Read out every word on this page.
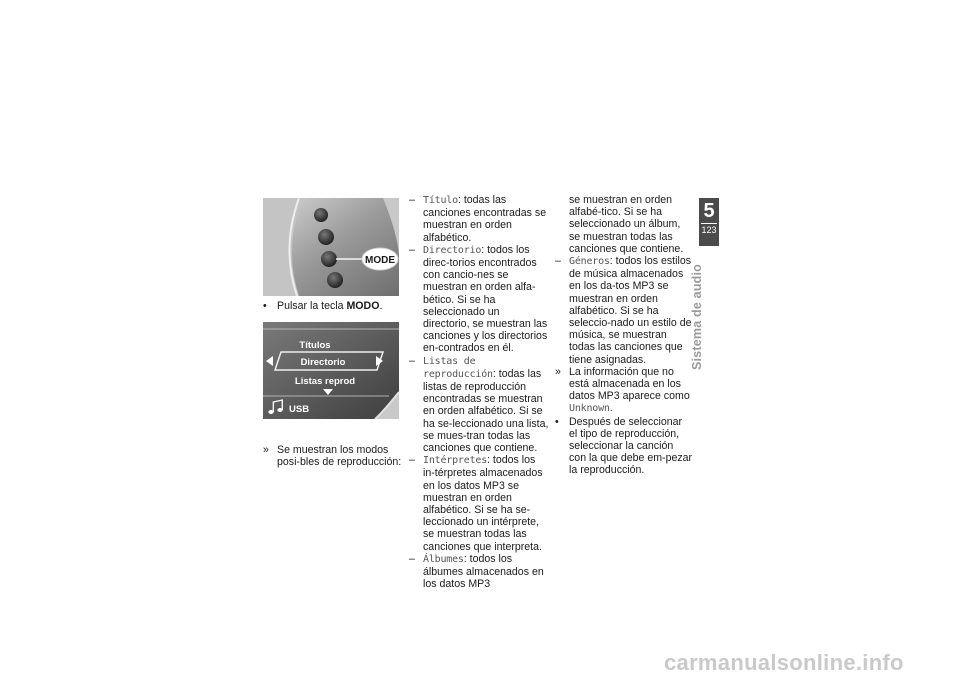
MODE
• Pulsar la tecla MODO.
Títulos
Directorio
Listas reprod
USB
» Se muestran los modos posi-bles de reproducción:
– Título: todas las canciones encontradas se muestran en orden alfabético.
– Directorio: todos los direc-torios encontrados con cancio-nes se muestran en orden alfa-bético. Si se ha seleccionado un directorio, se muestran las canciones y los directorios en-contrados en él.
– Listas de reproducción: todas las listas de reproducción encontradas se muestran en orden alfabético. Si se ha se-leccionado una lista, se mues-tran todas las canciones que contiene.
– Intérpretes: todos los in-térpretes almacenados en los datos MP3 se muestran en orden alfabético. Si se ha se-leccionado un intérprete, se muestran todas las canciones que interpreta.
– Álbumes: todos los álbumes almacenados en los datos MP3
se muestran en orden alfabé-tico. Si se ha seleccionado un álbum, se muestran todas las canciones que contiene.
– Géneros: todos los estilos de música almacenados en los da-tos MP3 se muestran en orden alfabético. Si se ha seleccio-nado un estilo de música, se muestran todas las canciones que tiene asignadas.
» La información que no está almacenada en los datos MP3 aparece como Unknown.
• Después de seleccionar el tipo de reproducción, seleccionar la canción con la que debe em-pezar la reproducción.
5
123
Sistema de audio
carmanualsonline.info
